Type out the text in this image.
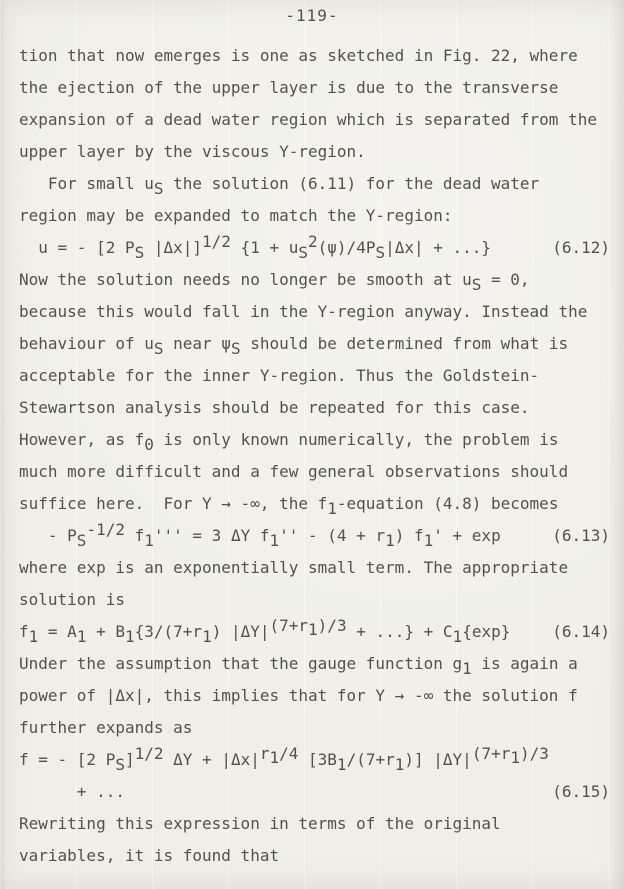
-119-
tion that now emerges is one as sketched in Fig. 22, where
the ejection of the upper layer is due to the transverse
expansion of a dead water region which is separated from the
upper layer by the viscous Y-region.
For small uS the solution (6.11) for the dead water
region may be expanded to match the Y-region:
u = - [2 PS |Δx|]1/2 {1 + uS2(ψ)/4PS|Δx| + ...}	(6.12)
Now the solution needs no longer be smooth at uS = 0,
because this would fall in the Y-region anyway. Instead the
behaviour of uS near ψS should be determined from what is
acceptable for the inner Y-region. Thus the Goldstein-
Stewartson analysis should be repeated for this case.
However, as f0 is only known numerically, the problem is
much more difficult and a few general observations should
suffice here.  For Y → -∞, the f1-equation (4.8) becomes
- PS-1/2 f1''' = 3 ΔY f1'' - (4 + r1) f1' + exp	(6.13)
where exp is an exponentially small term. The appropriate
solution is
f1 = A1 + B1{3/(7+r1) |ΔY|(7+r1)/3 + ...} + C1{exp}	(6.14)
Under the assumption that the gauge function g1 is again a
power of |Δx|, this implies that for Y → -∞ the solution f
further expands as
f = - [2 PS]1/2 ΔY + |Δx|r1/4 [3B1/(7+r1)] |ΔY|(7+r1)/3
+ ...	(6.15)
Rewriting this expression in terms of the original
variables, it is found that
